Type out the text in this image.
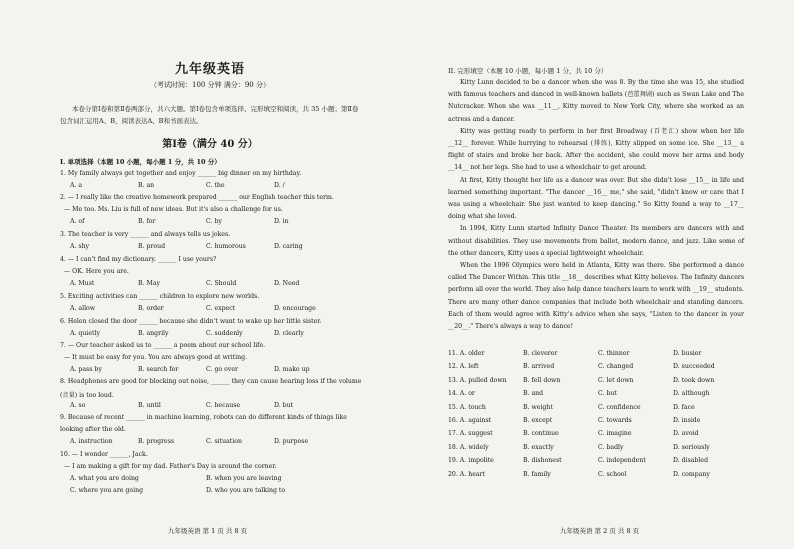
九年级英语
（考试时间：100 分钟 满分：90 分）
本卷分第Ⅰ卷和第Ⅱ卷两部分，共六大题。第Ⅰ卷包含单项选择、完形填空和阅读，共 35 小题；第Ⅱ卷包含词汇运用A、B，阅读表达A、B和书面表达。
第Ⅰ卷（满分 40 分）
I. 单项选择（本题 10 小题，每小题 1 分，共 10 分）
1. My family always get together and enjoy ______ big dinner on my birthday.
A. a	B. an	C. the	D. /
2. — I really like the creative homework prepared ______ our English teacher this term.
— Me too. Ms. Liu is full of new ideas. But it's also a challenge for us.
A. of	B. for	C. by	D. in
3. The teacher is very ______ and always tells us jokes.
A. shy	B. proud	C. humorous	D. caring
4. — I can't find my dictionary. ______ I use yours?
— OK. Here you are.
A. Must	B. May	C. Should	D. Need
5. Exciting activities can ______ children to explore new worlds.
A. allow	B. order	C. expect	D. encourage
6. Helen closed the door ______ because she didn't want to wake up her little sister.
A. quietly	B. angrily	C. suddenly	D. clearly
7. — Our teacher asked us to ______ a poem about our school life.
— It must be easy for you. You are always good at writing.
A. pass by	B. search for	C. go over	D. make up
8. Headphones are good for blocking out noise, ______ they can cause hearing loss if the volume
(音量) is too loud.
A. so	B. until	C. because	D. but
9. Because of recent ______ in machine learning, robots can do different kinds of things like
looking after the old.
A. instruction	B. progress	C. situation	D. purpose
10. — I wonder ______, Jack.
— I am making a gift for my dad. Father's Day is around the corner.
A. what you are doing	B. when you are leaving
C. where you are going	D. who you are talking to
九年级英语 第 1 页 共 8 页
II. 完形填空（本题 10 小题，每小题 1 分，共 10 分）

Kitty Lunn decided to be a dancer when she was 8. By the time she was 15, she studied with famous teachers and danced in well-known ballets (芭蕾舞剧) such as Swan Lake and The Nutcracker. When she was __11__, Kitty moved to New York City, where she worked as an actress and a dancer.

Kitty was getting ready to perform in her first Broadway (百老汇) show when her life __12__ forever. While hurrying to rehearsal (排练), Kitty slipped on some ice. She __13__ a flight of stairs and broke her back. After the accident, she could move her arms and body __14__ not her legs. She had to use a wheelchair to get around.

At first, Kitty thought her life as a dancer was over. But she didn't lose __15__ in life and learned something important. "The dancer __16__ me," she said, "didn't know or care that I was using a wheelchair. She just wanted to keep dancing." So Kitty found a way to __17__ doing what she loved.

In 1994, Kitty Lunn started Infinity Dance Theater. Its members are dancers with and without disabilities. They use movements from ballet, modern dance, and jazz. Like some of the other dancers, Kitty uses a special lightweight wheelchair.

When the 1996 Olympics were held in Atlanta, Kitty was there. She performed a dance called The Dancer Within. This title __18__ describes what Kitty believes. The Infinity dancers perform all over the world. They also help dance teachers learn to work with __19__ students. There are many other dance companies that include both wheelchair and standing dancers. Each of them would agree with Kitty's advice when she says, "Listen to the dancer in your __20__." There's always a way to dance!

11. A. older	B. cleverer	C. thinner	D. busier
12. A. left	B. arrived	C. changed	D. succeeded
13. A. pulled down	B. fell down	C. let down	D. took down
14. A. or	B. and	C. but	D. although
15. A. touch	B. weight	C. confidence	D. face
16. A. against	B. except	C. towards	D. inside
17. A. suggest	B. continue	C. imagine	D. avoid
18. A. widely	B. exactly	C. badly	D. seriously
19. A. impolite	B. dishonest	C. independent	D. disabled
20. A. heart	B. family	C. school	D. company
九年级英语 第 2 页 共 8 页
